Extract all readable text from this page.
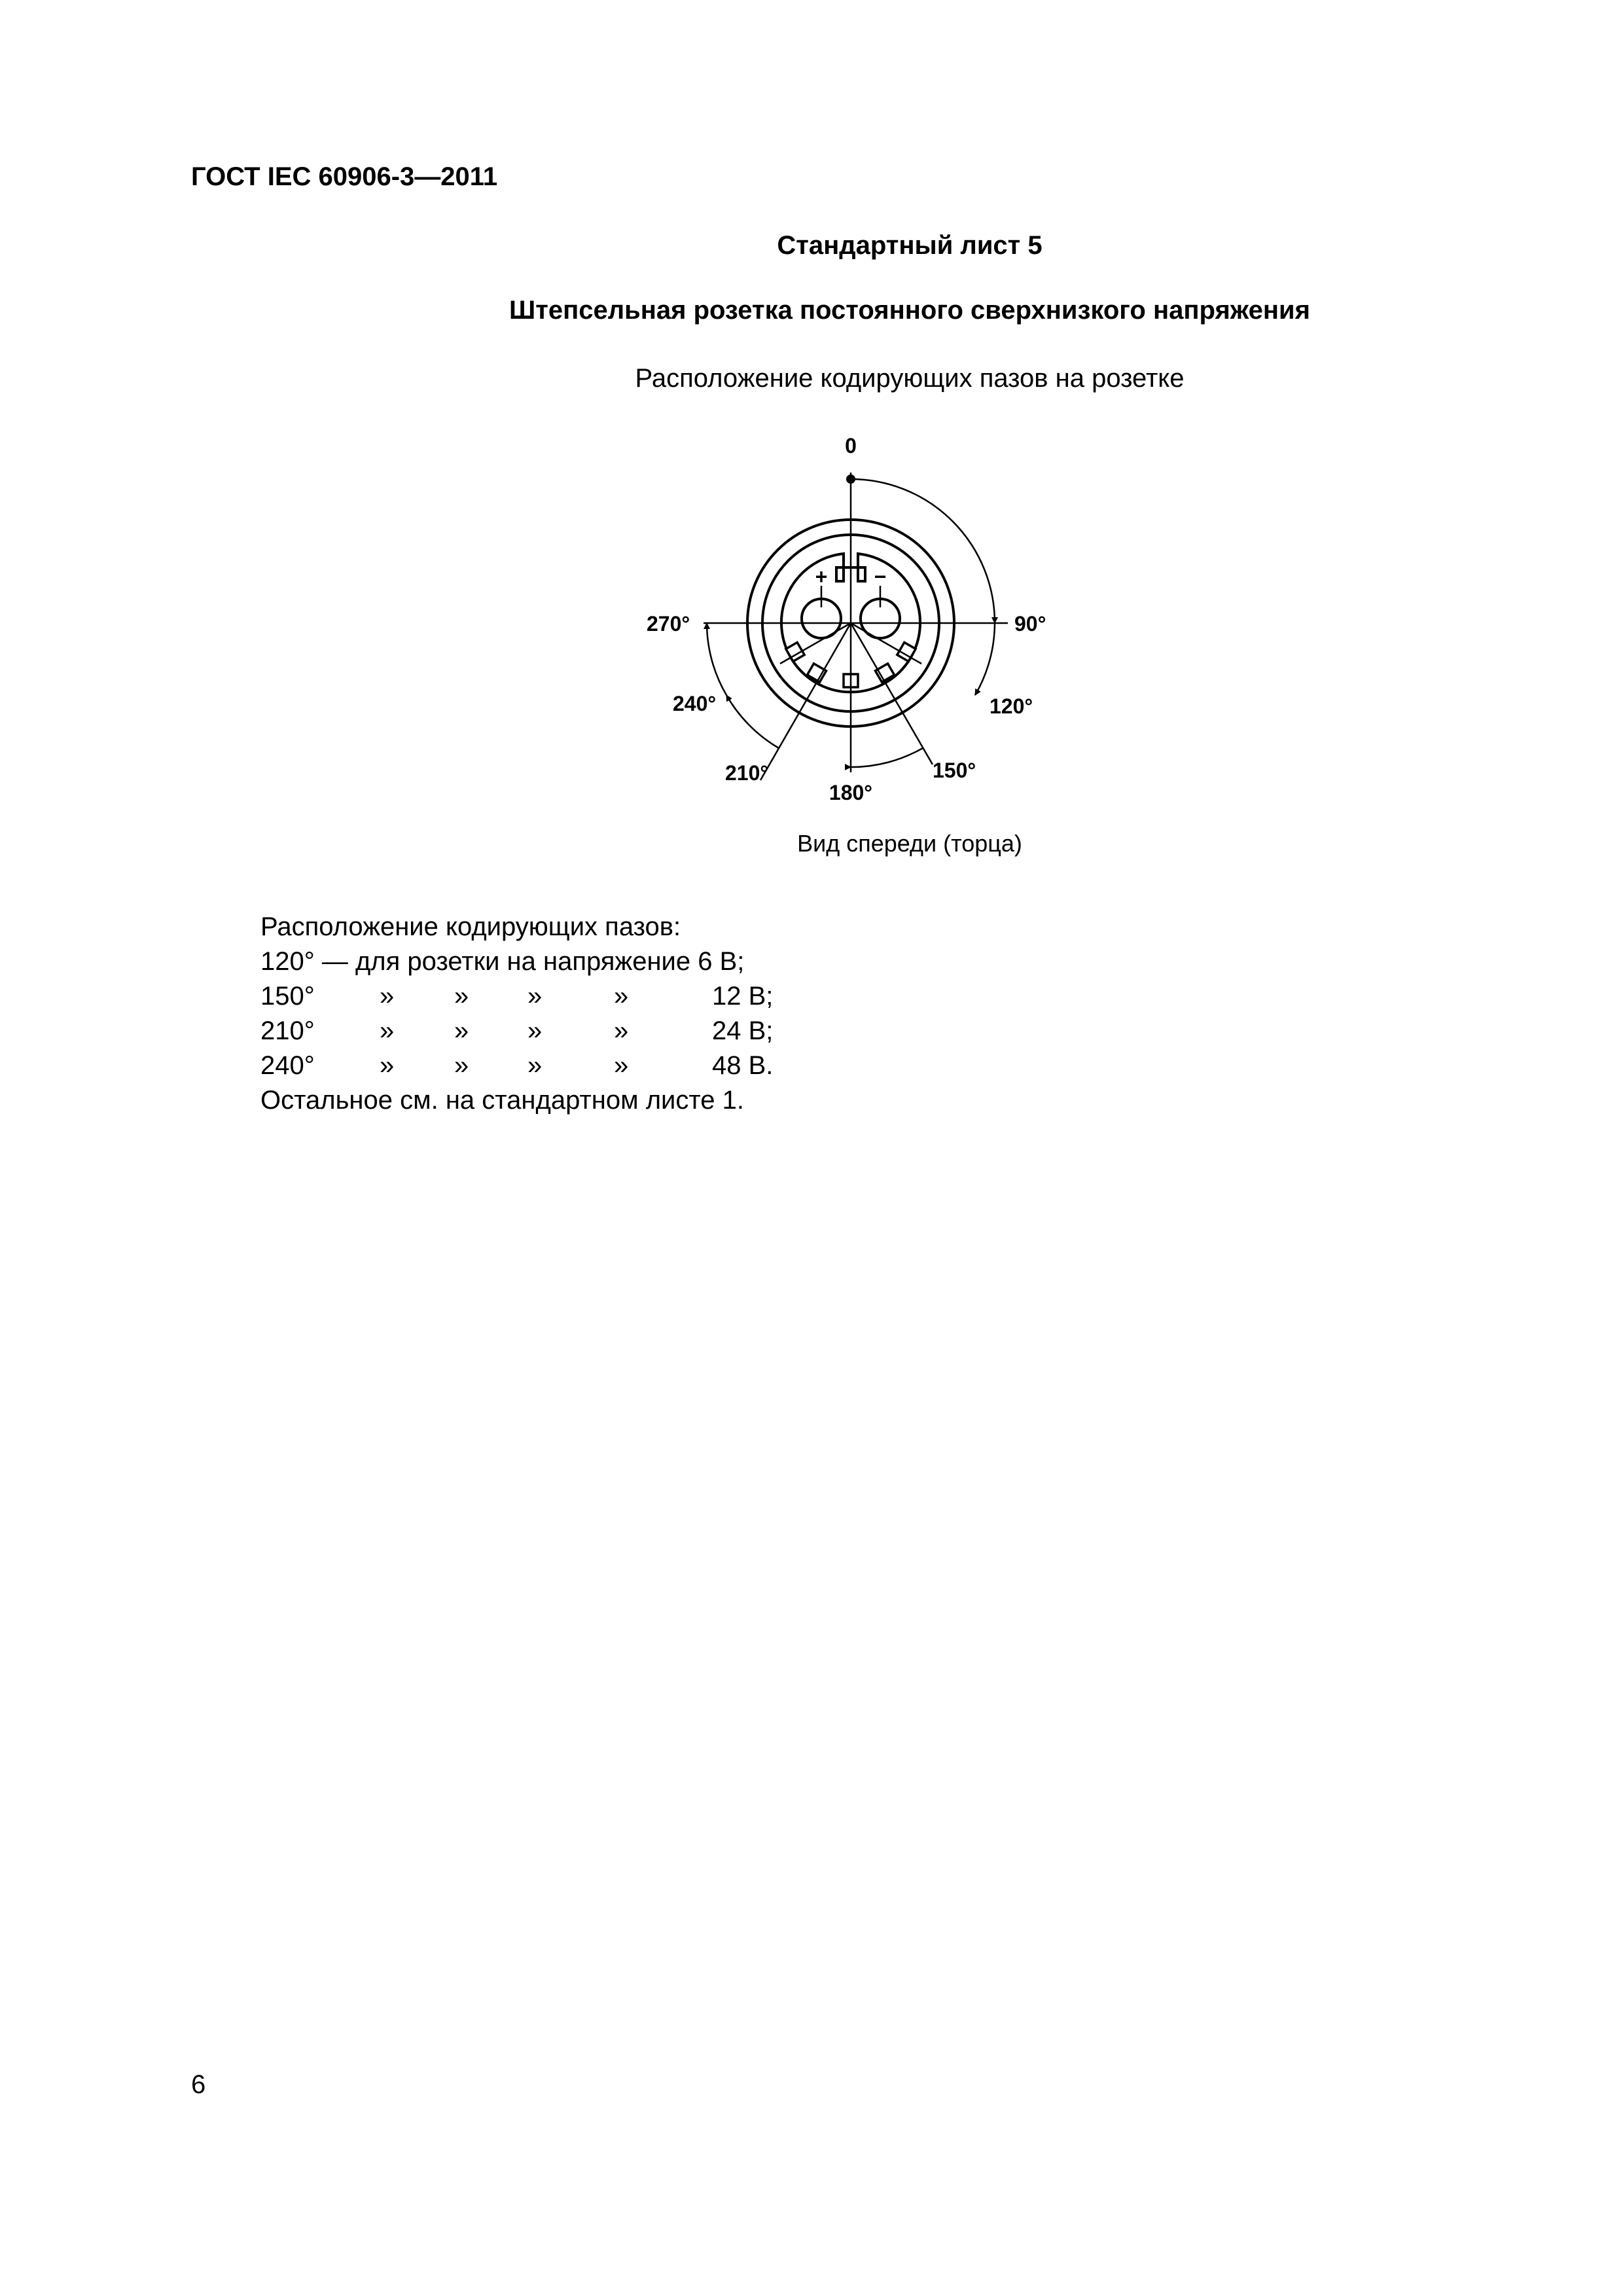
ГОСТ IEC 60906-3—2011
Стандартный лист 5
Штепсельная розетка постоянного сверхнизкого напряжения
Расположение кодирующих пазов на розетке
0
90°
120°
150°
180°
210°
240°
270°
+ −
Вид спереди (торца)
Расположение кодирующих пазов:
120° — для розетки на напряжение 6 В;
150° » » »	»	12 В;
210° » » »	»	24 В;
240° » » »	»	48 В.
Остальное см. на стандартном листе 1.
6
